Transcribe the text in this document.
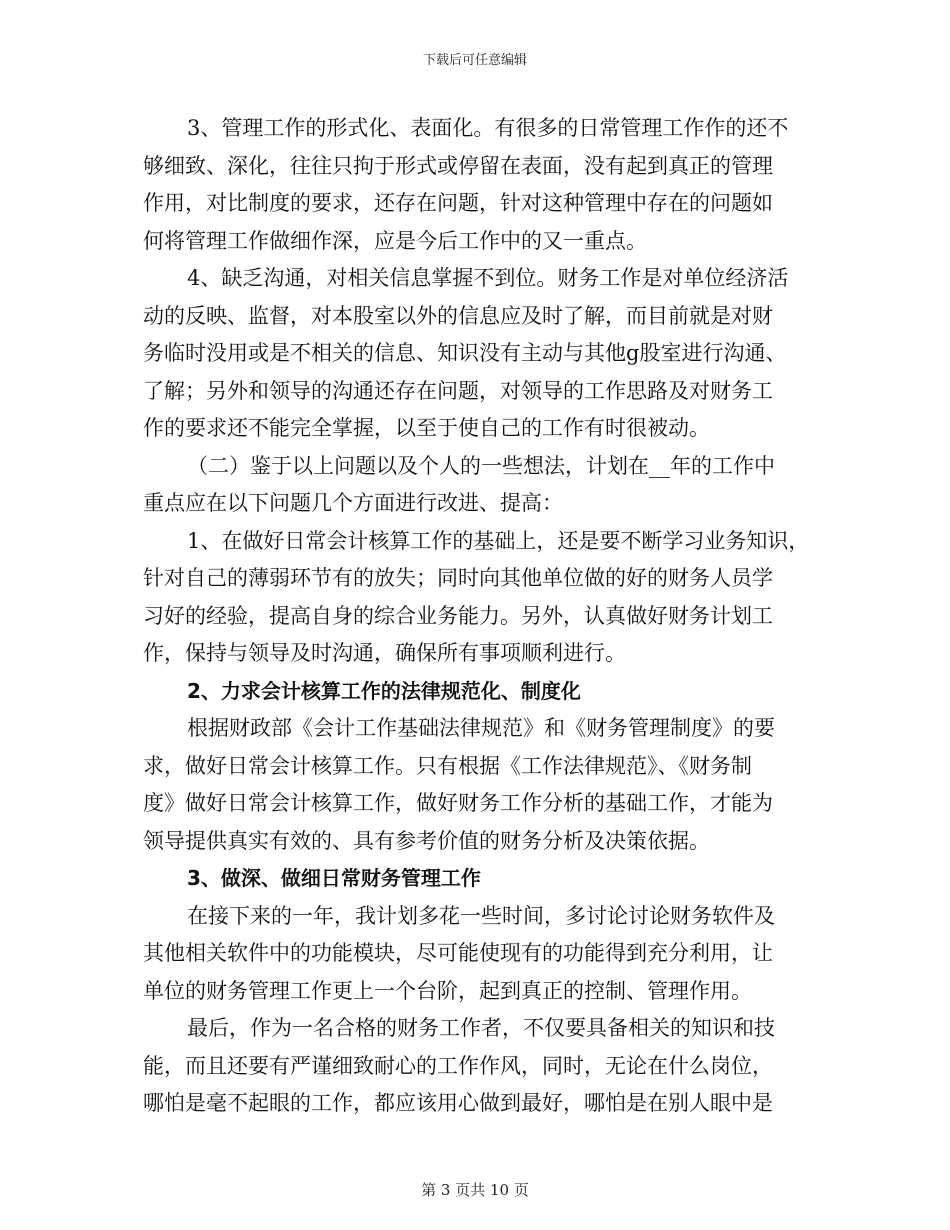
下载后可任意编辑
3、管理工作的形式化、表面化。有很多的日常管理工作作的还不
够细致、深化，往往只拘于形式或停留在表面，没有起到真正的管理
作用，对比制度的要求，还存在问题，针对这种管理中存在的问题如
何将管理工作做细作深，应是今后工作中的又一重点。
4、缺乏沟通，对相关信息掌握不到位。财务工作是对单位经济活
动的反映、监督，对本股室以外的信息应及时了解，而目前就是对财
务临时没用或是不相关的信息、知识没有主动与其他g股室进行沟通、
了解；另外和领导的沟通还存在问题，对领导的工作思路及对财务工
作的要求还不能完全掌握，以至于使自己的工作有时很被动。
（二）鉴于以上问题以及个人的一些想法，计划在__年的工作中
重点应在以下问题几个方面进行改进、提高：
1、在做好日常会计核算工作的基础上，还是要不断学习业务知识，
针对自己的薄弱环节有的放失；同时向其他单位做的好的财务人员学
习好的经验，提高自身的综合业务能力。另外，认真做好财务计划工
作，保持与领导及时沟通，确保所有事项顺利进行。
2、力求会计核算工作的法律规范化、制度化
根据财政部《会计工作基础法律规范》和《财务管理制度》的要
求，做好日常会计核算工作。只有根据《工作法律规范》、《财务制
度》做好日常会计核算工作，做好财务工作分析的基础工作，才能为
领导提供真实有效的、具有参考价值的财务分析及决策依据。
3、做深、做细日常财务管理工作
在接下来的一年，我计划多花一些时间，多讨论讨论财务软件及
其他相关软件中的功能模块，尽可能使现有的功能得到充分利用，让
单位的财务管理工作更上一个台阶，起到真正的控制、管理作用。
最后，作为一名合格的财务工作者，不仅要具备相关的知识和技
能，而且还要有严谨细致耐心的工作作风，同时，无论在什么岗位，
哪怕是毫不起眼的工作，都应该用心做到最好，哪怕是在别人眼中是
第 3 页共 10 页
